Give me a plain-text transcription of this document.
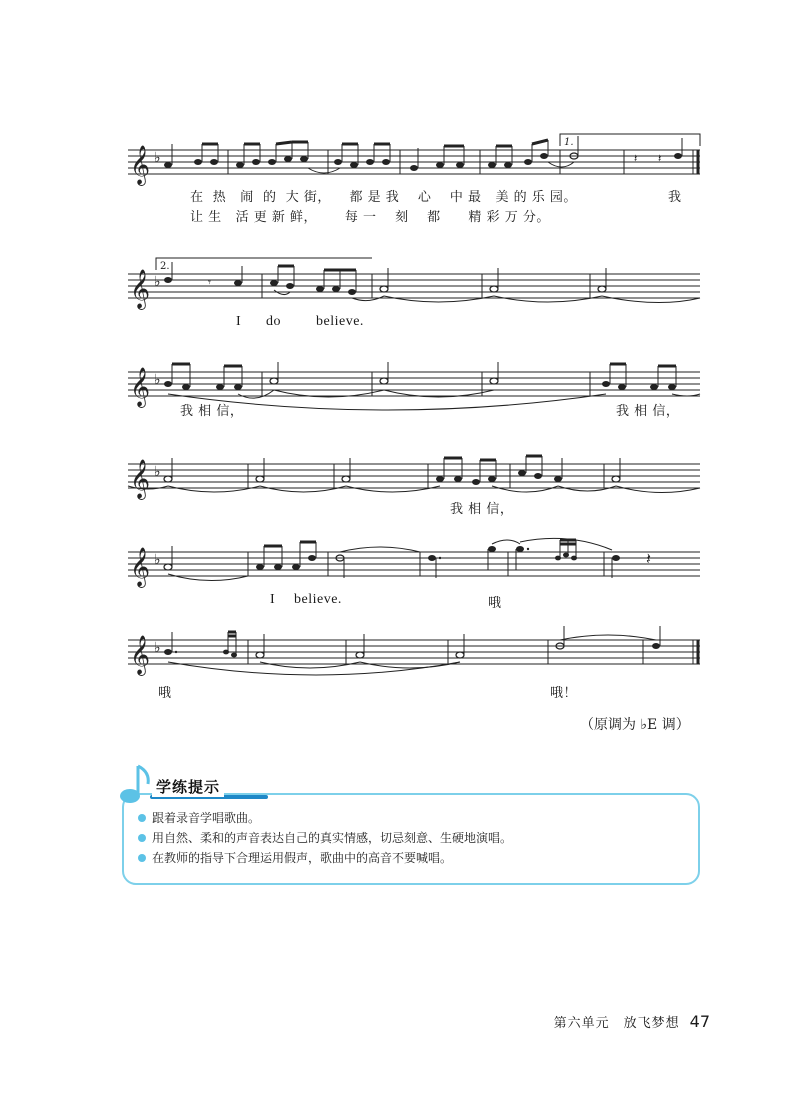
𝄞 ♭	𝄽
𝄽
1.
在 热 闹 的 大 街， 都 是 我 心 中 最 美 的 乐 园。	我
让 生 活 更 新 鲜， 每 一 刻 都 精 彩 万 分。
𝄞 ♭	𝄾
2.
I do	believe.
𝄞 ♭
我 相 信，	我 相 信，
𝄞 ♭
我 相 信，
𝄞 ♭	𝄽
I believe.	哦
𝄞 ♭
哦	哦！
（原调为 ♭E 调）
学练提示
跟着录音学唱歌曲。
用自然、柔和的声音表达自己的真实情感，切忌刻意、生硬地演唱。
在教师的指导下合理运用假声，歌曲中的高音不要喊唱。
第六单元　放飞梦想 47
